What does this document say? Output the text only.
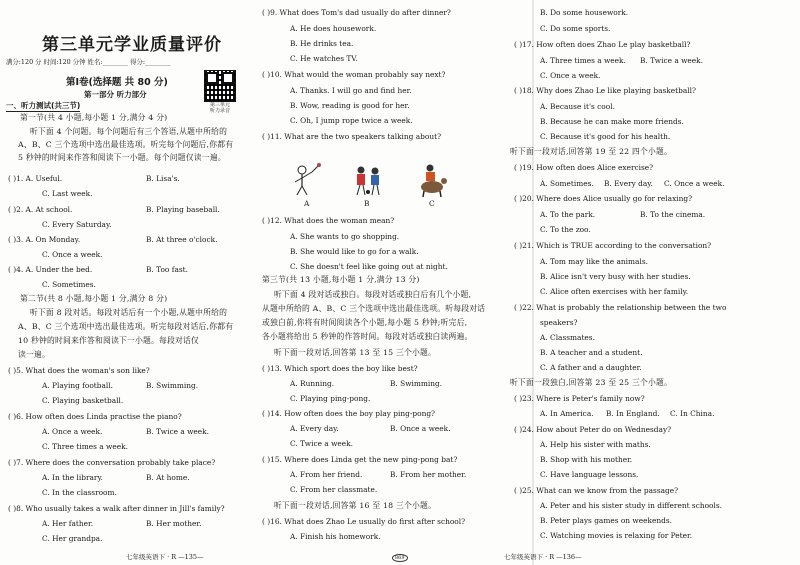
第三单元学业质量评价
满分:120 分 时间:120 分钟 姓名:________ 得分:________
第Ⅰ卷(选择题 共 80 分)
第一部分 听力部分
第三单元
听力录音
一、听力测试(共三节)
第一节(共 4 小题,每小题 1 分,满分 4 分)
听下面 4 个问题。每个问题后有三个答语,从题中所给的
A、B、C 三个选项中选出最佳选项。听完每个问题后,你都有
5 秒钟的时间来作答和阅读下一小题。每个问题仅读一遍。
( )1. A. Useful.	B. Lisa's.
C. Last week.
( )2. A. At school.	B. Playing baseball.
C. Every Saturday.
( )3. A. On Monday.	B. At three o'clock.
C. Once a week.
( )4. A. Under the bed.	B. Too fast.
C. Sometimes.
第二节(共 8 小题,每小题 1 分,满分 8 分)
听下面 8 段对话。每段对话后有一个小题,从题中所给的
A、B、C 三个选项中选出最佳选项。听完每段对话后,你都有
10 秒钟的时间来作答和阅读下一小题。每段对话仅
读一遍。
( )5. What does the woman's son like?
A. Playing football.	B. Swimming.
C. Playing basketball.
( )6. How often does Linda practise the piano?
A. Once a week.	B. Twice a week.
C. Three times a week.
( )7. Where does the conversation probably take place?
A. In the library.	B. At home.
C. In the classroom.
( )8. Who usually takes a walk after dinner in Jill's family?
A. Her father.	B. Her mother.
C. Her grandpa.
七年级英语下 · R —135—
( )9. What does Tom's dad usually do after dinner?
A. He does housework.
B. He drinks tea.
C. He watches TV.
( )10. What would the woman probably say next?
A. Thanks. I will go and find her.
B. Wow, reading is good for her.
C. Oh, I jump rope twice a week.
( )11. What are the two speakers talking about?
A	B	C
( )12. What does the woman mean?
A. She wants to go shopping.
B. She would like to go for a walk.
C. She doesn't feel like going out at night.
第三节(共 13 小题,每小题 1 分,满分 13 分)
听下面 4 段对话或独白。每段对话或独白后有几个小题,
从题中所给的 A、B、C 三个选项中选出最佳选项。听每段对话
或独白前,你将有时间阅读各个小题,每小题 5 秒钟;听完后,
各小题将给出 5 秒钟的作答时间。每段对话或独白读两遍。
听下面一段对话,回答第 13 至 15 三个小题。
( )13. Which sport does the boy like best?
A. Running.	B. Swimming.
C. Playing ping-pong.
( )14. How often does the boy play ping-pong?
A. Every day.	B. Once a week.
C. Twice a week.
( )15. Where does Linda get the new ping-pong bat?
A. From her friend.	B. From her mother.
C. From her classmate.
听下面一段对话,回答第 16 至 18 三个小题。
( )16. What does Zhao Le usually do first after school?
A. Finish his homework.
869
B. Do some housework.
C. Do some sports.
( )17. How often does Zhao Le play basketball?
A. Three times a week. B. Twice a week.
C. Once a week.
( )18. Why does Zhao Le like playing basketball?
A. Because it's cool.
B. Because he can make more friends.
C. Because it's good for his health.
听下面一段对话,回答第 19 至 22 四个小题。
( )19. How often does Alice exercise?
A. Sometimes. B. Every day. C. Once a week.
( )20. Where does Alice usually go for relaxing?
A. To the park.	B. To the cinema.
C. To the zoo.
( )21. Which is TRUE according to the conversation?
A. Tom may like the animals.
B. Alice isn't very busy with her studies.
C. Alice often exercises with her family.
( )22. What is probably the relationship between the two
speakers?
A. Classmates.
B. A teacher and a student.
C. A father and a daughter.
听下面一段独白,回答第 23 至 25 三个小题。
( )23. Where is Peter's family now?
A. In America. B. In England. C. In China.
( )24. How about Peter do on Wednesday?
A. Help his sister with maths.
B. Shop with his mother.
C. Have language lessons.
( )25. What can we know from the passage?
A. Peter and his sister study in different schools.
B. Peter plays games on weekends.
C. Watching movies is relaxing for Peter.
七年级英语下 · R —136—
